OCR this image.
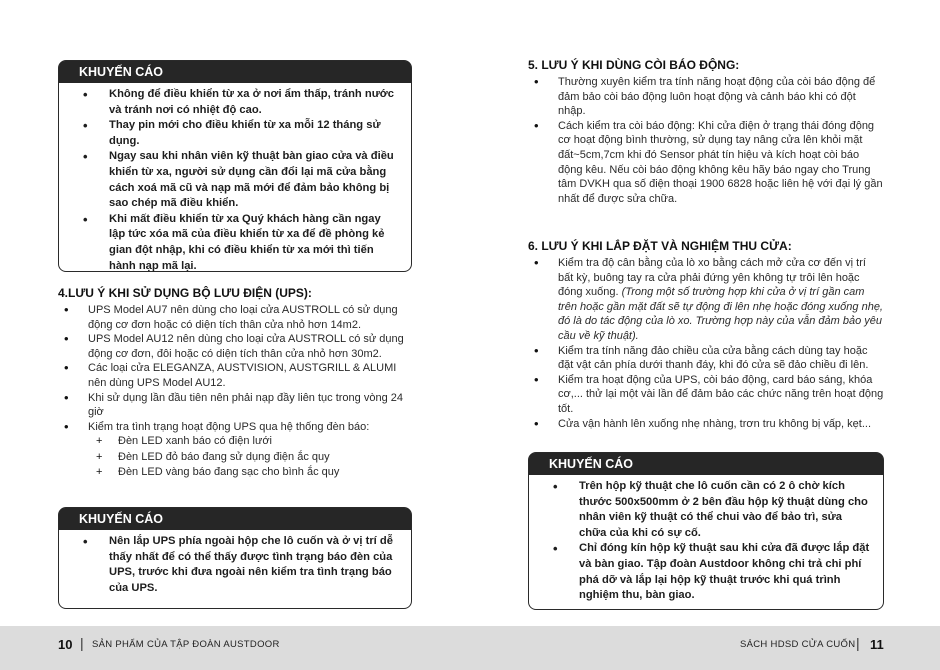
KHUYẾN CÁO
• Không để điều khiển từ xa ở nơi ẩm thấp, tránh nước và tránh nơi có nhiệt độ cao.
• Thay pin mới cho điều khiển từ xa mỗi 12 tháng sử dụng.
• Ngay sau khi nhân viên kỹ thuật bàn giao cửa và điều khiển từ xa, người sử dụng cần đổi lại mã cửa bằng cách xoá mã cũ và nạp mã mới để đảm bảo không bị sao chép mã điều khiển.
• Khi mất điều khiển từ xa Quý khách hàng cần ngay lập tức xóa mã của điều khiển từ xa để đề phòng kẻ gian đột nhập, khi có điều khiển từ xa mới thì tiến hành nạp mã lại.
4.LƯU Ý KHI SỬ DỤNG BỘ LƯU ĐIỆN (UPS):
• UPS Model AU7 nên dùng cho loại cửa AUSTROLL có sử dụng động cơ đơn hoặc có diện tích thân cửa nhỏ hơn 14m2.
• UPS Model AU12 nên dùng cho loại cửa AUSTROLL có sử dụng động cơ đơn, đôi hoặc có diện tích thân cửa nhỏ hơn 30m2.
• Các loại cửa ELEGANZA, AUSTVISION, AUSTGRILL & ALUMI nên dùng UPS Model AU12.
• Khi sử dụng lần đầu tiên nên phải nạp đầy liên tục trong vòng 24 giờ
• Kiểm tra tình trạng hoạt động UPS qua hệ thống đèn báo:
+ Đèn LED xanh báo có điện lưới
+ Đèn LED đỏ báo đang sử dụng điện ắc quy
+ Đèn LED vàng báo đang sạc cho bình ắc quy
KHUYẾN CÁO
• Nên lắp UPS phía ngoài hộp che lô cuốn và ở vị trí dễ thấy nhất để có thể thấy được tình trạng báo đèn của UPS, trước khi đưa ngoài nên kiểm tra tình trạng báo của UPS.
5. LƯU Ý KHI DÙNG CÒI BÁO ĐỘNG:
• Thường xuyên kiểm tra tính năng hoạt động của còi báo động để đảm bảo còi báo động luôn hoạt động và cảnh báo khi có đột nhập.
• Cách kiểm tra còi báo động: Khi cửa điện ở trạng thái đóng động cơ hoạt động bình thường, sử dụng tay nâng cửa lên khỏi mặt đất~5cm,7cm khi đó Sensor phát tín hiệu và kích hoạt còi báo động kêu. Nếu còi báo động không kêu hãy báo ngay cho Trung tâm DVKH qua số điện thoại 1900 6828 hoặc liên hệ với đại lý gần nhất để được sửa chữa.
6. LƯU Ý KHI LẮP ĐẶT VÀ NGHIỆM THU CỬA:
• Kiểm tra độ cân bằng của lò xo bằng cách mở cửa cơ đến vị trí bất kỳ, buông tay ra cửa phải đứng yên không tự trôi lên hoặc đóng xuống. (Trong một số trường hợp khi cửa ở vị trí gần cam trên hoặc gần mặt đất sẽ tự động đi lên nhẹ hoặc đóng xuống nhẹ, đó là do tác động của lò xo. Trường hợp này của vẫn đảm bảo yêu cầu về kỹ thuật).
• Kiểm tra tính năng đảo chiều của cửa bằng cách dùng tay hoặc đặt vật cản phía dưới thanh đáy, khi đó cửa sẽ đảo chiều đi lên.
• Kiểm tra hoạt động của UPS, còi báo động, card báo sáng, khóa cơ,... thử lại một vài lần để đảm bảo các chức năng trên hoạt động tốt.
• Cửa vận hành lên xuống nhẹ nhàng, trơn tru không bị vấp, kẹt...
KHUYẾN CÁO
• Trên hộp kỹ thuật che lô cuốn cần có 2 ô chờ kích thước 500x500mm ở 2 bên đầu hộp kỹ thuật dùng cho nhân viên kỹ thuật có thể chui vào để bảo trì, sửa chữa của khi có sự cố.
• Chỉ đóng kín hộp kỹ thuật sau khi cửa đã được lắp đặt và bàn giao. Tập đoàn Austdoor không chi trả chi phí phá dỡ và lắp lại hộp kỹ thuật trước khi quá trình nghiệm thu, bàn giao.
10 | SẢN PHẨM CỦA TẬP ĐOÀN AUSTDOOR	SÁCH HDSD CỬA CUỐN | 11
